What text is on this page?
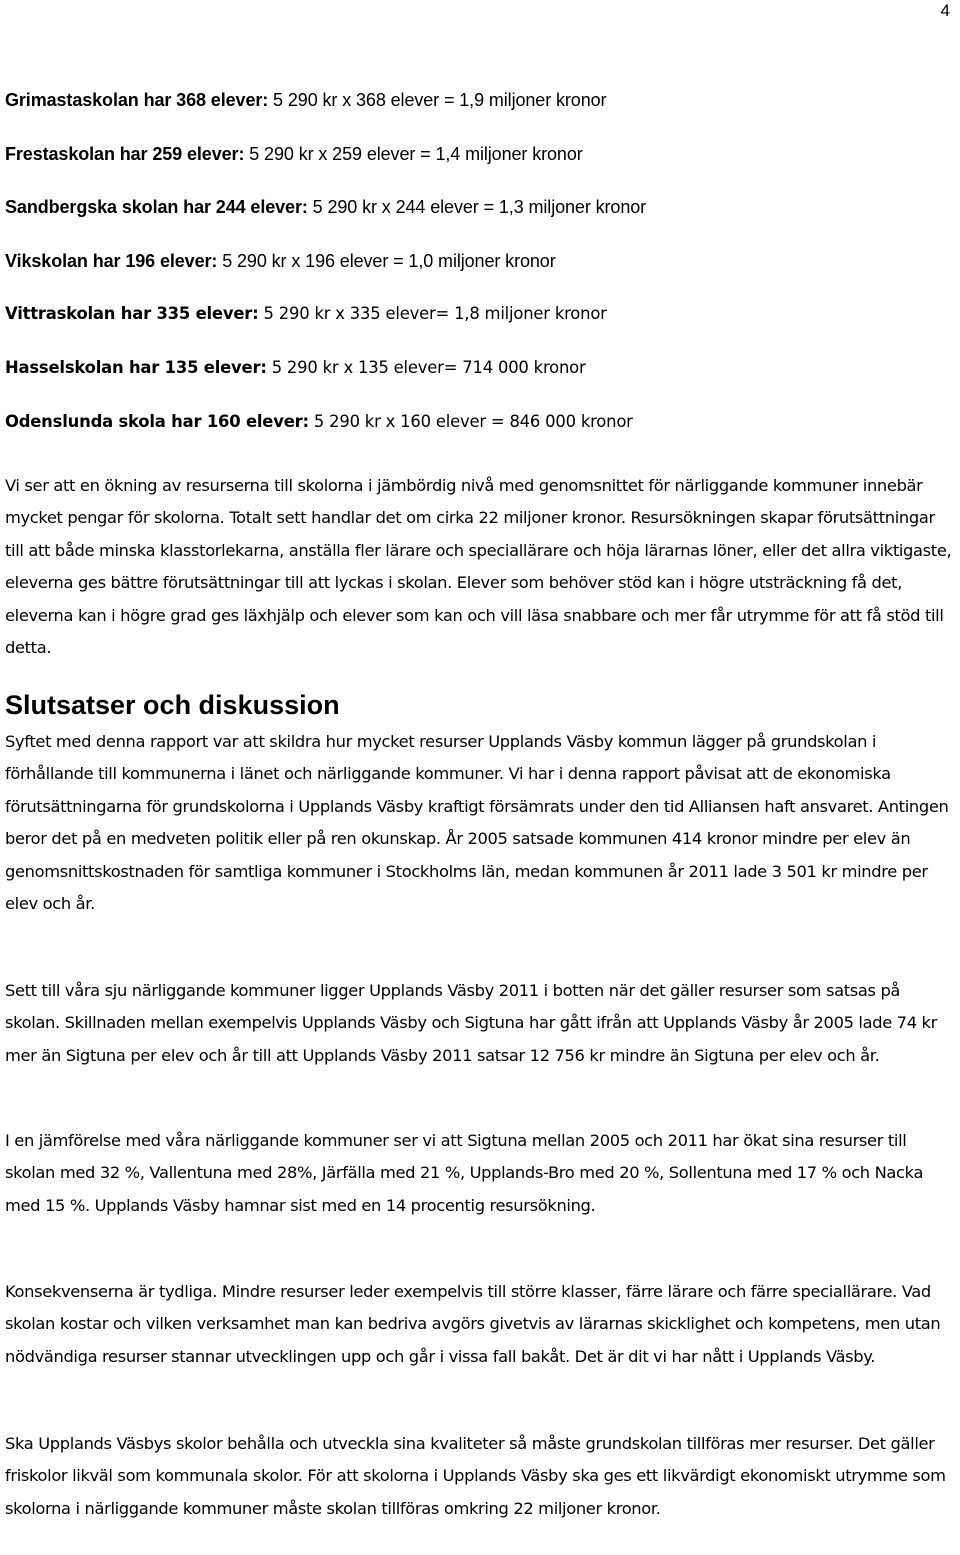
4
Grimastaskolan har 368 elever: 5 290 kr x 368 elever = 1,9 miljoner kronor
Frestaskolan har 259 elever: 5 290 kr x 259 elever = 1,4 miljoner kronor
Sandbergska skolan har 244 elever: 5 290 kr x 244 elever = 1,3 miljoner kronor
Vikskolan har 196 elever: 5 290 kr x 196 elever = 1,0 miljoner kronor
Vittraskolan har 335 elever: 5 290 kr x 335 elever= 1,8 miljoner kronor
Hasselskolan har 135 elever: 5 290 kr x 135 elever= 714 000 kronor
Odenslunda skola har 160 elever: 5 290 kr x 160 elever = 846 000 kronor

Vi ser att en ökning av resurserna till skolorna i jämbördig nivå med genomsnittet för närliggande kommuner innebär mycket pengar för skolorna. Totalt sett handlar det om cirka 22 miljoner kronor. Resursökningen skapar förutsättningar till att både minska klasstorlekarna, anställa fler lärare och speciallärare och höja lärarnas löner, eller det allra viktigaste, eleverna ges bättre förutsättningar till att lyckas i skolan. Elever som behöver stöd kan i högre utsträckning få det, eleverna kan i högre grad ges läxhjälp och elever som kan och vill läsa snabbare och mer får utrymme för att få stöd till detta.

Slutsatser och diskussion

Syftet med denna rapport var att skildra hur mycket resurser Upplands Väsby kommun lägger på grundskolan i förhållande till kommunerna i länet och närliggande kommuner. Vi har i denna rapport påvisat att de ekonomiska förutsättningarna för grundskolorna i Upplands Väsby kraftigt försämrats under den tid Alliansen haft ansvaret. Antingen beror det på en medveten politik eller på ren okunskap. År 2005 satsade kommunen 414 kronor mindre per elev än genomsnittskostnaden för samtliga kommuner i Stockholms län, medan kommunen år 2011 lade 3 501 kr mindre per elev och år.

Sett till våra sju närliggande kommuner ligger Upplands Väsby 2011 i botten när det gäller resurser som satsas på skolan. Skillnaden mellan exempelvis Upplands Väsby och Sigtuna har gått ifrån att Upplands Väsby år 2005 lade 74 kr mer än Sigtuna per elev och år till att Upplands Väsby 2011 satsar 12 756 kr mindre än Sigtuna per elev och år.

I en jämförelse med våra närliggande kommuner ser vi att Sigtuna mellan 2005 och 2011 har ökat sina resurser till skolan med 32 %, Vallentuna med 28%, Järfälla med 21 %, Upplands-Bro med 20 %, Sollentuna med 17 % och Nacka med 15 %. Upplands Väsby hamnar sist med en 14 procentig resursökning.

Konsekvenserna är tydliga. Mindre resurser leder exempelvis till större klasser, färre lärare och färre speciallärare. Vad skolan kostar och vilken verksamhet man kan bedriva avgörs givetvis av lärarnas skicklighet och kompetens, men utan nödvändiga resurser stannar utvecklingen upp och går i vissa fall bakåt. Det är dit vi har nått i Upplands Väsby.

Ska Upplands Väsbys skolor behålla och utveckla sina kvaliteter så måste grundskolan tillföras mer resurser. Det gäller friskolor likväl som kommunala skolor. För att skolorna i Upplands Väsby ska ges ett likvärdigt ekonomiskt utrymme som skolorna i närliggande kommuner måste skolan tillföras omkring 22 miljoner kronor.
